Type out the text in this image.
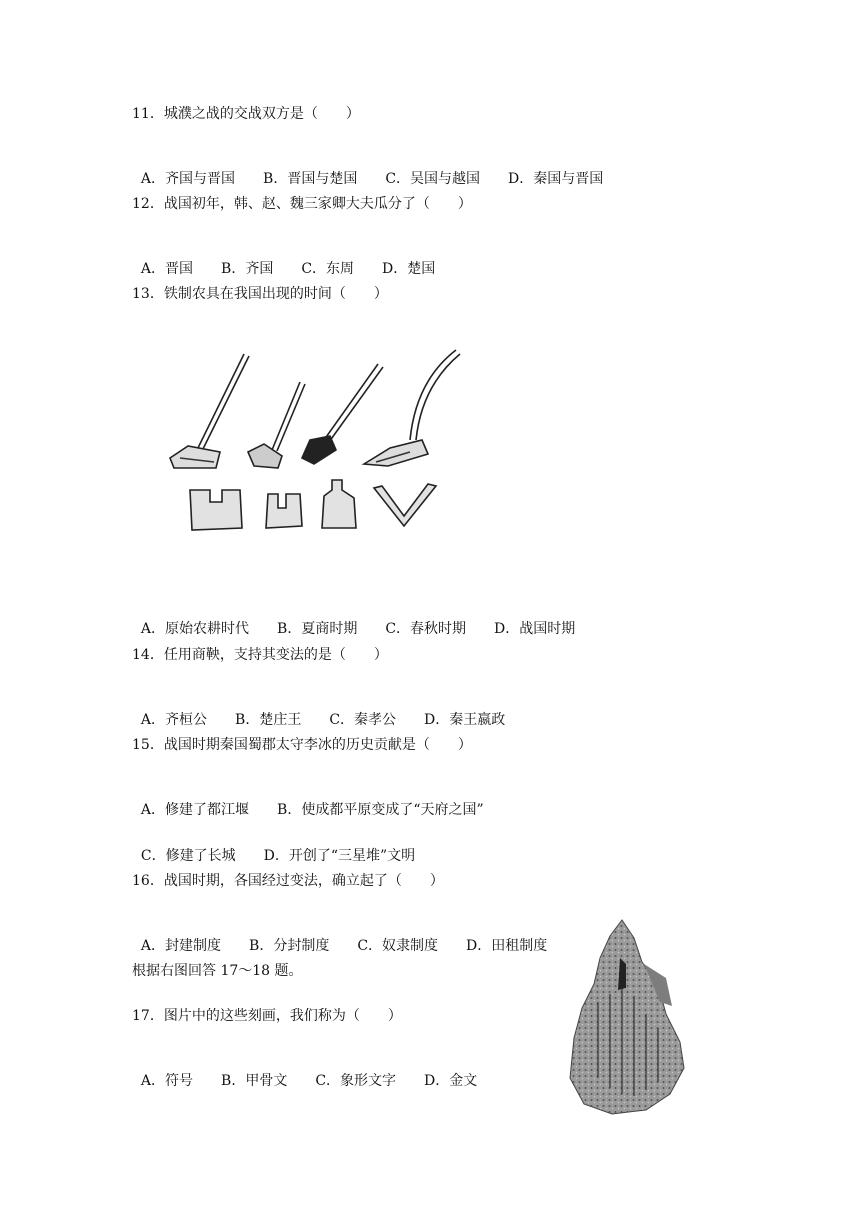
11．城濮之战的交战双方是（　　）

A．齐国与晋国 B．晋国与楚国 C．吴国与越国 D．秦国与晋国

12．战国初年，韩、赵、魏三家卿大夫瓜分了（　　）

A．晋国 B．齐国 C．东周 D．楚国

13．铁制农具在我国出现的时间（　　）

A．原始农耕时代 B．夏商时期 C．春秋时期 D．战国时期

14．任用商鞅，支持其变法的是（　　）

A．齐桓公 B．楚庄王 C．秦孝公 D．秦王嬴政

15．战国时期秦国蜀郡太守李冰的历史贡献是（　　）

A．修建了都江堰 B．使成都平原变成了“天府之国”

C．修建了长城 D．开创了“三星堆”文明

16．战国时期，各国经过变法，确立起了（　　）

A．封建制度 B．分封制度 C．奴隶制度 D．田租制度

根据右图回答 17～18 题。
17．图片中的这些刻画，我们称为（　　）

A．符号 B．甲骨文 C．象形文字 D．金文
